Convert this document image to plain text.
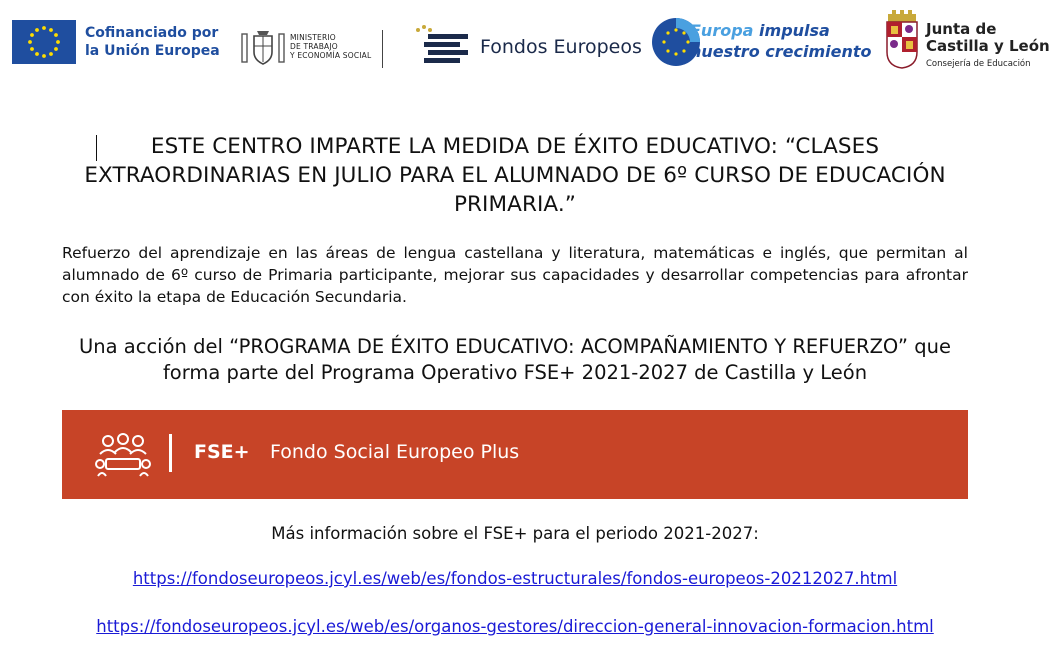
Cofinanciado por
la Unión Europea
MINISTERIO
DE TRABAJO
Y ECONOMÍA SOCIAL	Fondos Europeos
Europa impulsa
nuestro crecimiento
Junta de
Castilla y León
Consejería de Educación
ESTE CENTRO IMPARTE LA MEDIDA DE ÉXITO EDUCATIVO: “CLASES EXTRAORDINARIAS EN JULIO PARA EL ALUMNADO DE 6º CURSO DE EDUCACIÓN PRIMARIA.”
Refuerzo del aprendizaje en las áreas de lengua castellana y literatura, matemáticas e inglés, que permitan al alumnado de 6º curso de Primaria participante, mejorar sus capacidades y desarrollar competencias para afrontar con éxito la etapa de Educación Secundaria.
Una acción del “PROGRAMA DE ÉXITO EDUCATIVO: ACOMPAÑAMIENTO Y REFUERZO” que forma parte del Programa Operativo FSE+ 2021-2027 de Castilla y León
FSE+ Fondo Social Europeo Plus
Más información sobre el FSE+ para el periodo 2021-2027:
https://fondoseuropeos.jcyl.es/web/es/fondos-estructurales/fondos-europeos-20212027.html
https://fondoseuropeos.jcyl.es/web/es/organos-gestores/direccion-general-innovacion-formacion.html
